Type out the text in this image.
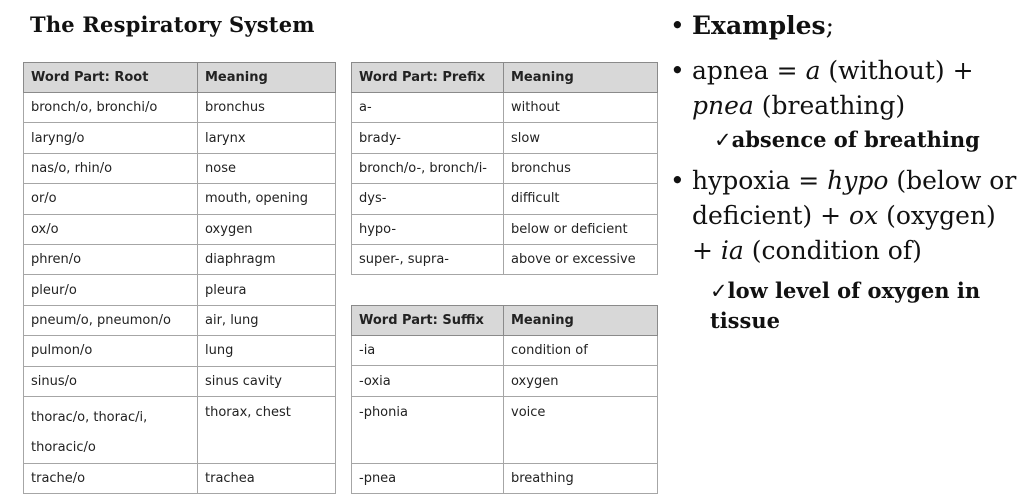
The Respiratory System
Word Part: Root	Meaning
bronch/o, bronchi/o	bronchus
laryng/o	larynx
nas/o, rhin/o	nose
or/o	mouth, opening
ox/o	oxygen
phren/o	diaphragm
pleur/o	pleura
pneum/o, pneumon/o	air, lung
pulmon/o	lung
sinus/o	sinus cavity
thorac/o, thorac/i, thoracic/o	thorax, chest
trache/o	trachea
Word Part: Prefix	Meaning
a-	without
brady-	slow
bronch/o-, bronch/i-	bronchus
dys-	difficult
hypo-	below or deficient
super-, supra-	above or excessive
Word Part: Suffix	Meaning
-ia	condition of
-oxia	oxygen
-phonia	voice
-pnea	breathing
• Examples;
• apnea = a (without) + pnea (breathing)
✓absence of breathing
• hypoxia = hypo (below or deficient) + ox (oxygen) + ia (condition of)
✓low level of oxygen in tissue
